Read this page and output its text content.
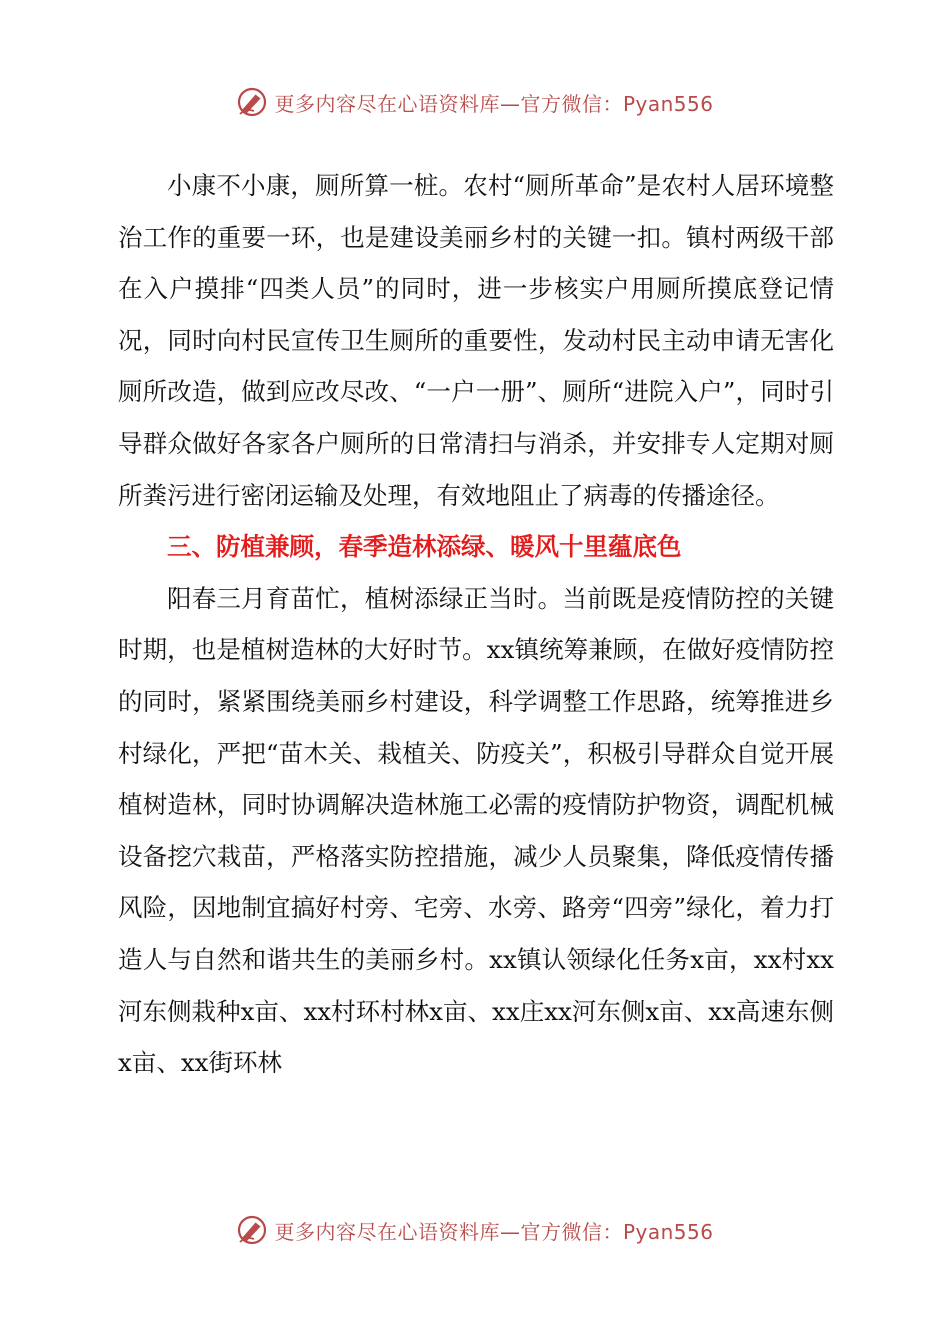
更多内容尽在心语资料库—官方微信：Pyan556

小康不小康，厕所算一桩。农村“厕所革命”是农村人居环境整治工作的重要一环，也是建设美丽乡村的关键一扣。镇村两级干部在入户摸排“四类人员”的同时，进一步核实户用厕所摸底登记情况，同时向村民宣传卫生厕所的重要性，发动村民主动申请无害化厕所改造，做到应改尽改、“一户一册”、厕所“进院入户”，同时引导群众做好各家各户厕所的日常清扫与消杀，并安排专人定期对厕所粪污进行密闭运输及处理，有效地阻止了病毒的传播途径。

三、防植兼顾，春季造林添绿、暖风十里蕴底色

阳春三月育苗忙，植树添绿正当时。当前既是疫情防控的关键时期，也是植树造林的大好时节。xx镇统筹兼顾，在做好疫情防控的同时，紧紧围绕美丽乡村建设，科学调整工作思路，统筹推进乡村绿化，严把“苗木关、栽植关、防疫关”，积极引导群众自觉开展植树造林，同时协调解决造林施工必需的疫情防护物资，调配机械设备挖穴栽苗，严格落实防控措施，减少人员聚集，降低疫情传播风险，因地制宜搞好村旁、宅旁、水旁、路旁“四旁”绿化，着力打造人与自然和谐共生的美丽乡村。xx镇认领绿化任务x亩，xx村xx河东侧栽种x亩、xx村环村林x亩、xx庄xx河东侧x亩、xx高速东侧x亩、xx街环林

更多内容尽在心语资料库—官方微信：Pyan556
